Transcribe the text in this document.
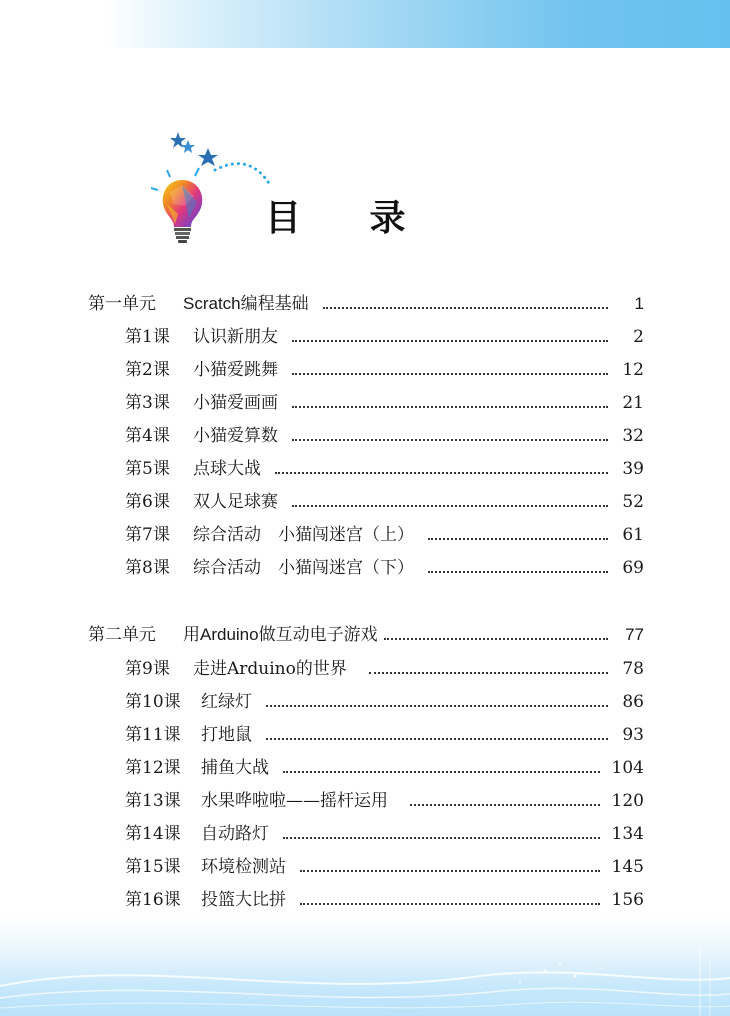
目 录
第一单元	Scratch编程基础	1
第1课	认识新朋友	2
第2课	小猫爱跳舞	12
第3课	小猫爱画画	21
第4课	小猫爱算数	32
第5课	点球大战	39
第6课	双人足球赛	52
第7课	综合活动　小猫闯迷宫（上）	61
第8课	综合活动　小猫闯迷宫（下）	69
第二单元	用Arduino做互动电子游戏	77
第9课	走进Arduino的世界	78
第10课	红绿灯	86
第11课	打地鼠	93
第12课	捕鱼大战	104
第13课	水果哗啦啦——摇杆运用	120
第14课	自动路灯	134
第15课	环境检测站	145
第16课	投篮大比拼	156
